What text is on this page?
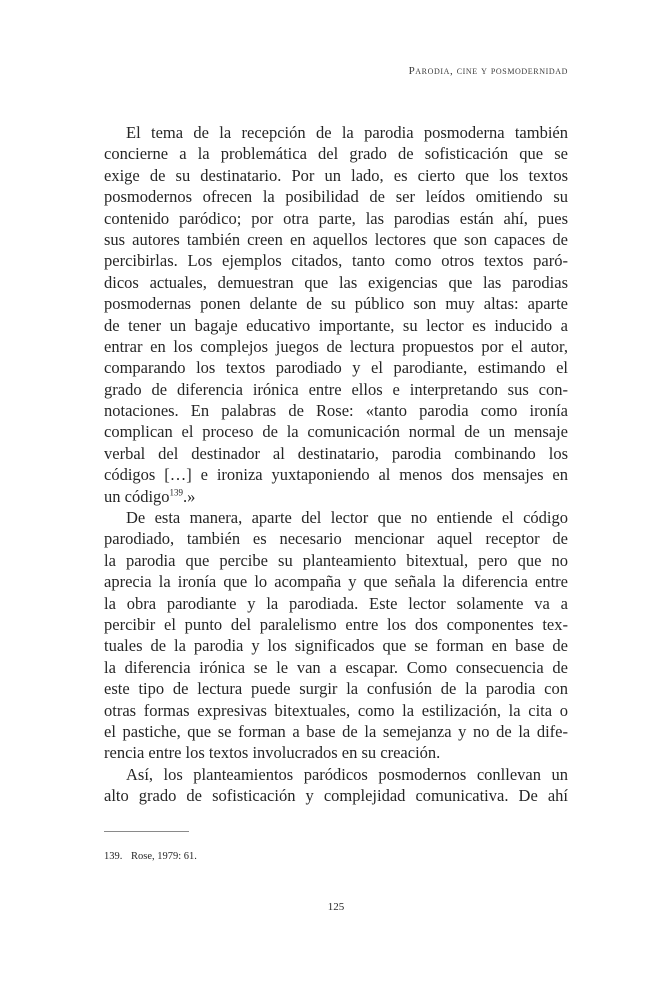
Parodia, cine y posmodernidad
El tema de la recepción de la parodia posmoderna también
concierne a la problemática del grado de sofisticación que se
exige de su destinatario. Por un lado, es cierto que los textos
posmodernos ofrecen la posibilidad de ser leídos omitiendo su
contenido paródico; por otra parte, las parodias están ahí, pues
sus autores también creen en aquellos lectores que son capaces de
percibirlas. Los ejemplos citados, tanto como otros textos paró-
dicos actuales, demuestran que las exigencias que las parodias
posmodernas ponen delante de su público son muy altas: aparte
de tener un bagaje educativo importante, su lector es inducido a
entrar en los complejos juegos de lectura propuestos por el autor,
comparando los textos parodiado y el parodiante, estimando el
grado de diferencia irónica entre ellos e interpretando sus con-
notaciones. En palabras de Rose: «tanto parodia como ironía
complican el proceso de la comunicación normal de un mensaje
verbal del destinador al destinatario, parodia combinando los
códigos […] e ironiza yuxtaponiendo al menos dos mensajes en
un código$^{139}$.»
De esta manera, aparte del lector que no entiende el código
parodiado, también es necesario mencionar aquel receptor de
la parodia que percibe su planteamiento bitextual, pero que no
aprecia la ironía que lo acompaña y que señala la diferencia entre
la obra parodiante y la parodiada. Este lector solamente va a
percibir el punto del paralelismo entre los dos componentes tex-
tuales de la parodia y los significados que se forman en base de
la diferencia irónica se le van a escapar. Como consecuencia de
este tipo de lectura puede surgir la confusión de la parodia con
otras formas expresivas bitextuales, como la estilización, la cita o
el pastiche, que se forman a base de la semejanza y no de la dife-
rencia entre los textos involucrados en su creación.
Así, los planteamientos paródicos posmodernos conllevan un
alto grado de sofisticación y complejidad comunicativa. De ahí
139. Rose, 1979: 61.
125
